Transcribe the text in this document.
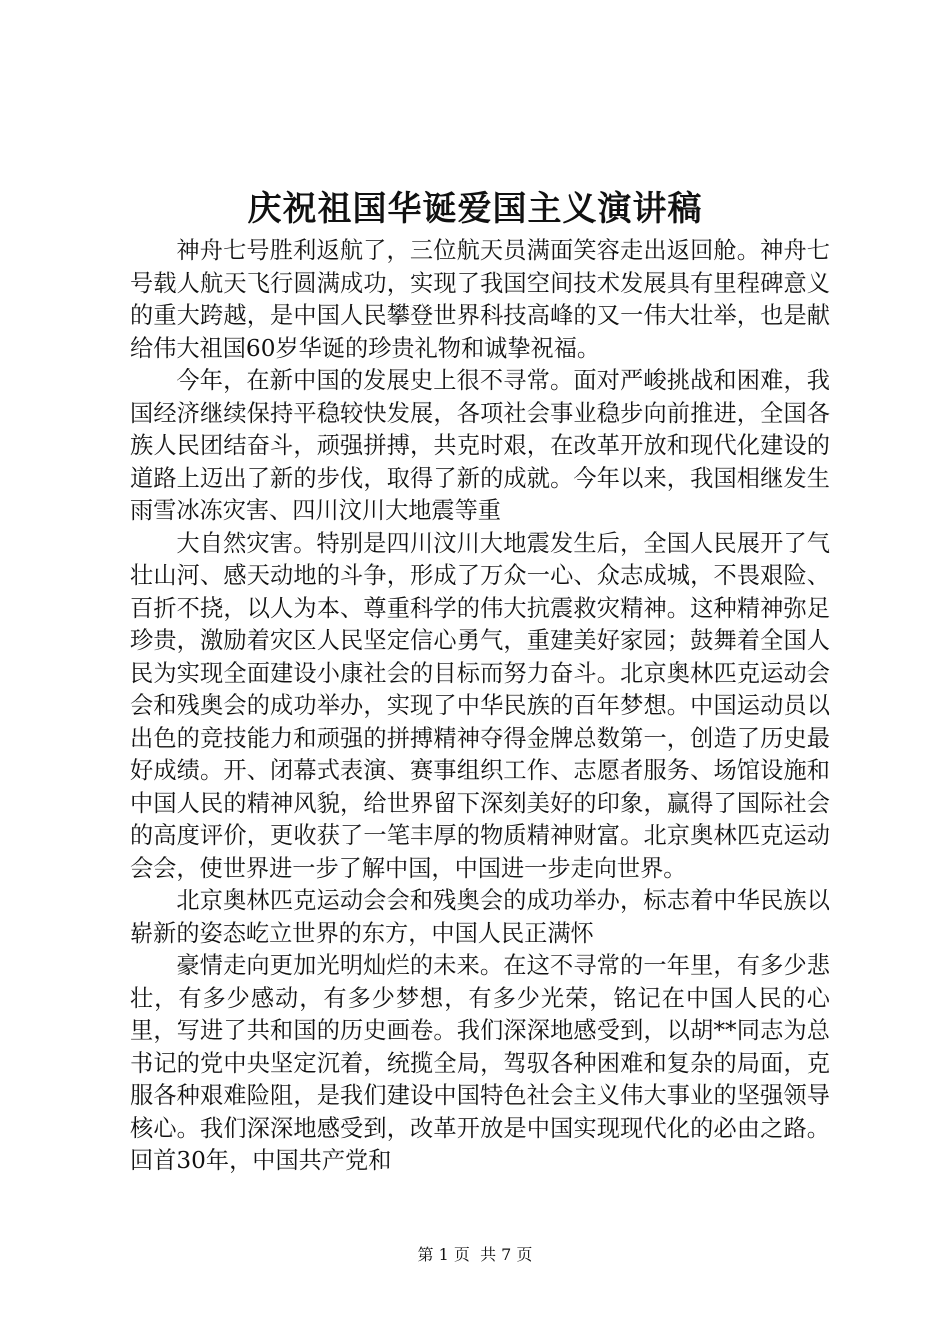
庆祝祖国华诞爱国主义演讲稿

神舟七号胜利返航了，三位航天员满面笑容走出返回舱。神舟七号载人航天飞行圆满成功，实现了我国空间技术发展具有里程碑意义的重大跨越，是中国人民攀登世界科技高峰的又一伟大壮举，也是献给伟大祖国60岁华诞的珍贵礼物和诚挚祝福。

今年，在新中国的发展史上很不寻常。面对严峻挑战和困难，我国经济继续保持平稳较快发展，各项社会事业稳步向前推进，全国各族人民团结奋斗，顽强拼搏，共克时艰，在改革开放和现代化建设的道路上迈出了新的步伐，取得了新的成就。今年以来，我国相继发生雨雪冰冻灾害、四川汶川大地震等重

大自然灾害。特别是四川汶川大地震发生后，全国人民展开了气壮山河、感天动地的斗争，形成了万众一心、众志成城，不畏艰险、百折不挠，以人为本、尊重科学的伟大抗震救灾精神。这种精神弥足珍贵，激励着灾区人民坚定信心勇气，重建美好家园；鼓舞着全国人民为实现全面建设小康社会的目标而努力奋斗。北京奥林匹克运动会会和残奥会的成功举办，实现了中华民族的百年梦想。中国运动员以出色的竞技能力和顽强的拼搏精神夺得金牌总数第一，创造了历史最好成绩。开、闭幕式表演、赛事组织工作、志愿者服务、场馆设施和中国人民的精神风貌，给世界留下深刻美好的印象，赢得了国际社会的高度评价，更收获了一笔丰厚的物质精神财富。北京奥林匹克运动会会，使世界进一步了解中国，中国进一步走向世界。

北京奥林匹克运动会会和残奥会的成功举办，标志着中华民族以崭新的姿态屹立世界的东方，中国人民正满怀

豪情走向更加光明灿烂的未来。在这不寻常的一年里，有多少悲壮，有多少感动，有多少梦想，有多少光荣，铭记在中国人民的心里，写进了共和国的历史画卷。我们深深地感受到，以胡**同志为总书记的党中央坚定沉着，统揽全局，驾驭各种困难和复杂的局面，克服各种艰难险阻，是我们建设中国特色社会主义伟大事业的坚强领导核心。我们深深地感受到，改革开放是中国实现现代化的必由之路。回首30年，中国共产党和

第 1 页  共 7 页
